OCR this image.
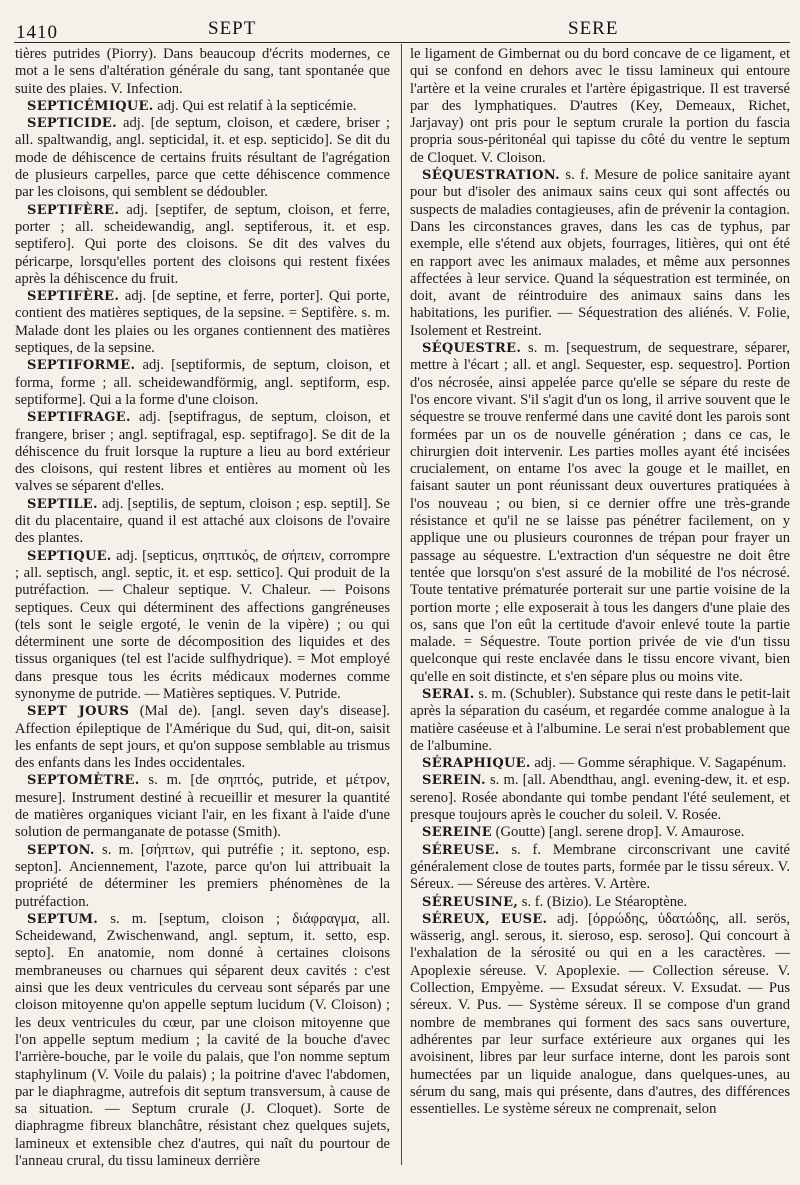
1410	SEPT	SERE

tières putrides (Piorry). Dans beaucoup d'écrits modernes, ce mot a le sens d'altération générale du sang, tant spontanée que suite des plaies. V. Infection.

SEPTICÉMIQUE. adj. Qui est relatif à la septicémie.

SEPTICIDE. adj. [de septum, cloison, et cædere, briser ; all. spaltwandig, angl. septicidal, it. et esp. septicido]. Se dit du mode de déhiscence de certains fruits résultant de l'agrégation de plusieurs carpelles, parce que cette déhiscence commence par les cloisons, qui semblent se dédoubler.

SEPTIFÈRE. adj. [septifer, de septum, cloison, et ferre, porter ; all. scheidewandig, angl. septiferous, it. et esp. septifero]. Qui porte des cloisons. Se dit des valves du péricarpe, lorsqu'elles portent des cloisons qui restent fixées après la déhiscence du fruit.

SEPTIFÈRE. adj. [de septine, et ferre, porter]. Qui porte, contient des matières septiques, de la sepsine. = Septifère. s. m. Malade dont les plaies ou les organes contiennent des matières septiques, de la sepsine.

SEPTIFORME. adj. [septiformis, de septum, cloison, et forma, forme ; all. scheidewandförmig, angl. septiform, esp. septiforme]. Qui a la forme d'une cloison.

SEPTIFRAGE. adj. [septifragus, de septum, cloison, et frangere, briser ; angl. septifragal, esp. septifrago]. Se dit de la déhiscence du fruit lorsque la rupture a lieu au bord extérieur des cloisons, qui restent libres et entières au moment où les valves se séparent d'elles.

SEPTILE. adj. [septilis, de septum, cloison ; esp. septil]. Se dit du placentaire, quand il est attaché aux cloisons de l'ovaire des plantes.

SEPTIQUE. adj. [septicus, σηπτικός, de σήπειν, corrompre ; all. septisch, angl. septic, it. et esp. settico]. Qui produit de la putréfaction. — Chaleur septique. V. Chaleur. — Poisons septiques. Ceux qui déterminent des affections gangréneuses (tels sont le seigle ergoté, le venin de la vipère) ; ou qui déterminent une sorte de décomposition des liquides et des tissus organiques (tel est l'acide sulfhydrique). = Mot employé dans presque tous les écrits médicaux modernes comme synonyme de putride. — Matières septiques. V. Putride.

SEPT JOURS (Mal de). [angl. seven day's disease]. Affection épileptique de l'Amérique du Sud, qui, dit-on, saisit les enfants de sept jours, et qu'on suppose semblable au trismus des enfants dans les Indes occidentales.

SEPTOMÈTRE. s. m. [de σηπτός, putride, et μέτρον, mesure]. Instrument destiné à recueillir et mesurer la quantité de matières organiques viciant l'air, en les fixant à l'aide d'une solution de permanganate de potasse (Smith).

SEPTON. s. m. [σήπτων, qui putréfie ; it. septono, esp. septon]. Anciennement, l'azote, parce qu'on lui attribuait la propriété de déterminer les premiers phénomènes de la putréfaction.

SEPTUM. s. m. [septum, cloison ; διάφραγμα, all. Scheidewand, Zwischenwand, angl. septum, it. setto, esp. septo]. En anatomie, nom donné à certaines cloisons membraneuses ou charnues qui séparent deux cavités : c'est ainsi que les deux ventricules du cerveau sont séparés par une cloison mitoyenne qu'on appelle septum lucidum (V. Cloison) ; les deux ventricules du cœur, par une cloison mitoyenne que l'on appelle septum medium ; la cavité de la bouche d'avec l'arrière-bouche, par le voile du palais, que l'on nomme septum staphylinum (V. Voile du palais) ; la poitrine d'avec l'abdomen, par le diaphragme, autrefois dit septum transversum, à cause de sa situation. — Septum crurale (J. Cloquet). Sorte de diaphragme fibreux blanchâtre, résistant chez quelques sujets, lamineux et extensible chez d'autres, qui naît du pourtour de l'anneau crural, du tissu lamineux derrière

le ligament de Gimbernat ou du bord concave de ce ligament, et qui se confond en dehors avec le tissu lamineux qui entoure l'artère et la veine crurales et l'artère épigastrique. Il est traversé par des lymphatiques. D'autres (Key, Demeaux, Richet, Jarjavay) ont pris pour le septum crurale la portion du fascia propria sous-péritonéal qui tapisse du côté du ventre le septum de Cloquet. V. Cloison.

SÉQUESTRATION. s. f. Mesure de police sanitaire ayant pour but d'isoler des animaux sains ceux qui sont affectés ou suspects de maladies contagieuses, afin de prévenir la contagion. Dans les circonstances graves, dans les cas de typhus, par exemple, elle s'étend aux objets, fourrages, litières, qui ont été en rapport avec les animaux malades, et même aux personnes affectées à leur service. Quand la séquestration est terminée, on doit, avant de réintroduire des animaux sains dans les habitations, les purifier. — Séquestration des aliénés. V. Folie, Isolement et Restreint.

SÉQUESTRE. s. m. [sequestrum, de sequestrare, séparer, mettre à l'écart ; all. et angl. Sequester, esp. sequestro]. Portion d'os nécrosée, ainsi appelée parce qu'elle se sépare du reste de l'os encore vivant. S'il s'agit d'un os long, il arrive souvent que le séquestre se trouve renfermé dans une cavité dont les parois sont formées par un os de nouvelle génération ; dans ce cas, le chirurgien doit intervenir. Les parties molles ayant été incisées crucialement, on entame l'os avec la gouge et le maillet, en faisant sauter un pont réunissant deux ouvertures pratiquées à l'os nouveau ; ou bien, si ce dernier offre une très-grande résistance et qu'il ne se laisse pas pénétrer facilement, on y applique une ou plusieurs couronnes de trépan pour frayer un passage au séquestre. L'extraction d'un séquestre ne doit être tentée que lorsqu'on s'est assuré de la mobilité de l'os nécrosé. Toute tentative prématurée porterait sur une partie voisine de la portion morte ; elle exposerait à tous les dangers d'une plaie des os, sans que l'on eût la certitude d'avoir enlevé toute la partie malade. = Séquestre. Toute portion privée de vie d'un tissu quelconque qui reste enclavée dans le tissu encore vivant, bien qu'elle en soit distincte, et s'en sépare plus ou moins vite.

SERAI. s. m. (Schubler). Substance qui reste dans le petit-lait après la séparation du caséum, et regardée comme analogue à la matière caséeuse et à l'albumine. Le serai n'est probablement que de l'albumine.

SÉRAPHIQUE. adj. — Gomme séraphique. V. Sagapénum.

SEREIN. s. m. [all. Abendthau, angl. evening-dew, it. et esp. sereno]. Rosée abondante qui tombe pendant l'été seulement, et presque toujours après le coucher du soleil. V. Rosée.

SEREINE (Goutte) [angl. serene drop]. V. Amaurose.

SÉREUSE. s. f. Membrane circonscrivant une cavité généralement close de toutes parts, formée par le tissu séreux. V. Séreux. — Séreuse des artères. V. Artère.

SÉREUSINE, s. f. (Bizio). Le Stéaroptène.

SÉREUX, EUSE. adj. [ὀρρώδης, ὑδατώδης, all. serös, wässerig, angl. serous, it. sieroso, esp. seroso]. Qui concourt à l'exhalation de la sérosité ou qui en a les caractères. — Apoplexie séreuse. V. Apoplexie. — Collection séreuse. V. Collection, Empyème. — Exsudat séreux. V. Exsudat. — Pus séreux. V. Pus. — Système séreux. Il se compose d'un grand nombre de membranes qui forment des sacs sans ouverture, adhérentes par leur surface extérieure aux organes qui les avoisinent, libres par leur surface interne, dont les parois sont humectées par un liquide analogue, dans quelques-unes, au sérum du sang, mais qui présente, dans d'autres, des différences essentielles. Le système séreux ne comprenait, selon
